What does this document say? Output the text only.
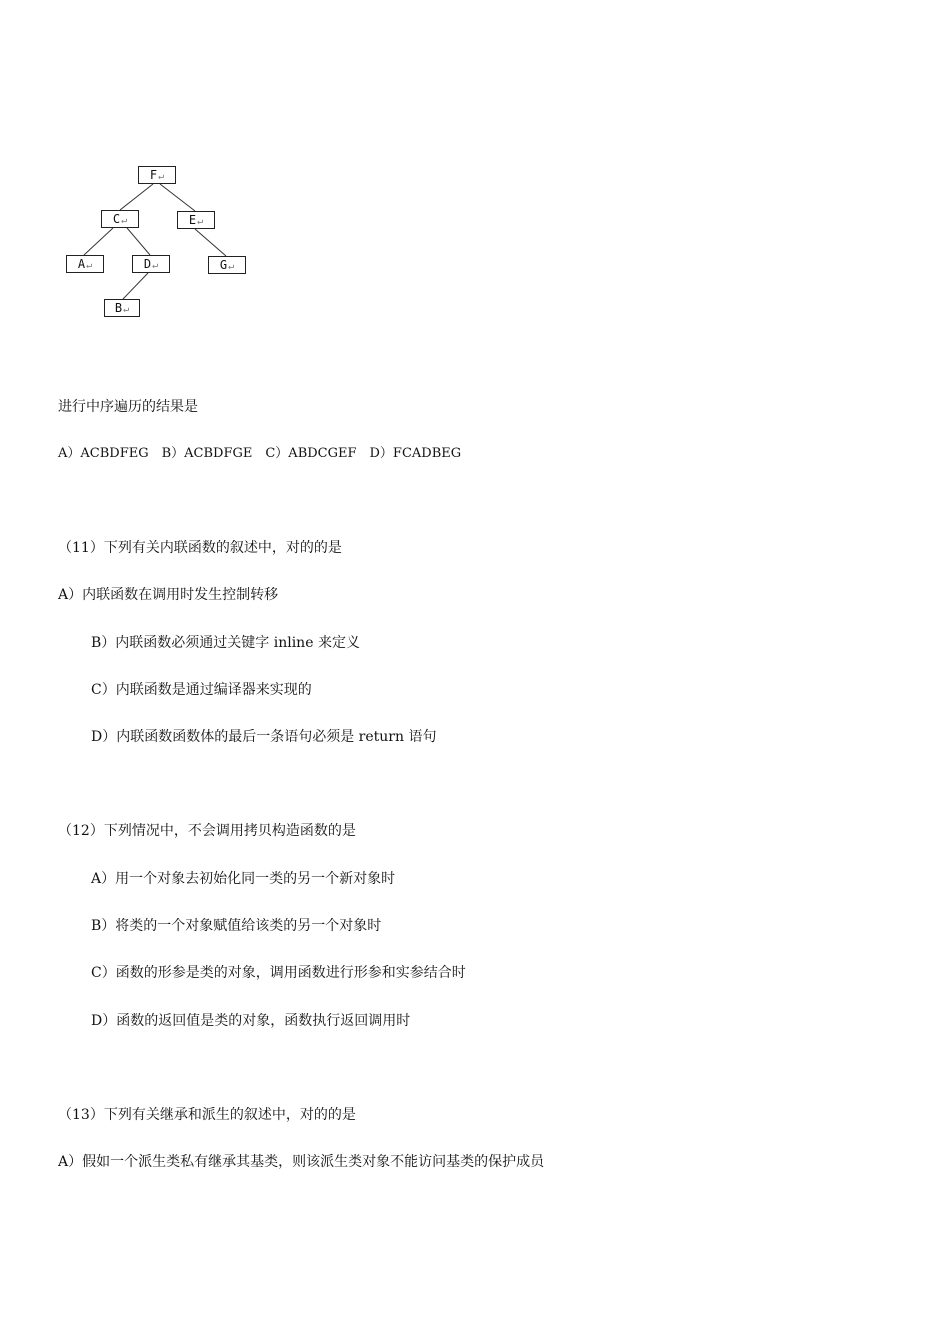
F↵
C↵	E↵
A↵	D↵	G↵
B↵
进行中序遍历的结果是
A）ACBDFEG　B）ACBDFGE　C）ABDCGEF　D）FCADBEG
（11）下列有关内联函数的叙述中，对的的是
A）内联函数在调用时发生控制转移
B）内联函数必须通过关键字 inline 来定义
C）内联函数是通过编译器来实现的
D）内联函数函数体的最后一条语句必须是 return 语句
（12）下列情况中，不会调用拷贝构造函数的是
A）用一个对象去初始化同一类的另一个新对象时
B）将类的一个对象赋值给该类的另一个对象时
C）函数的形参是类的对象，调用函数进行形参和实参结合时
D）函数的返回值是类的对象，函数执行返回调用时
（13）下列有关继承和派生的叙述中，对的的是
A）假如一个派生类私有继承其基类，则该派生类对象不能访问基类的保护成员
